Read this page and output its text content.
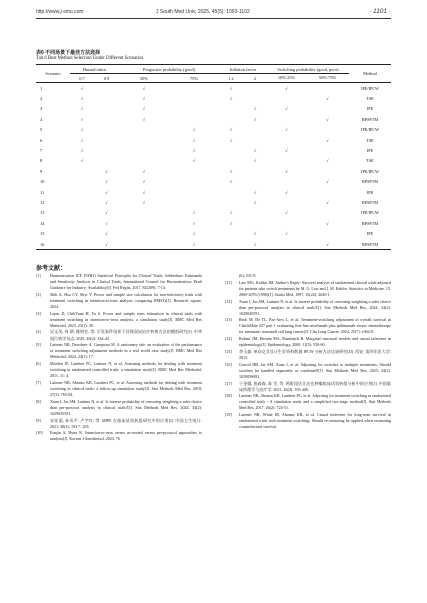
http://www.j-smu.com	J South Med Univ, 2025, 45(5): 1093-1102	· 1101 ·
表6 不同场景下最佳方法选择
Tab.6 Best Method Selection Under Different Scenarios
Scenario	Hazard ratios		Prognostic probability (good)		Inflation factor		Switching probability (good, poor)		Method
	0.7	0.9	50%	75%	1.2	2	10%∶25%	50%∶75%	
1	√		√		√		√		IPE/IPCW
2	√		√		√			√	TSE
3	√		√			√	√		IPE
4	√		√			√		√	RPSFTM
5	√			√	√		√		IPE/IPCW
6	√			√	√			√	TSE
7	√			√		√	√		IPE
8	√			√		√		√	TSE
9		√	√		√		√		IPE/IPCW
10		√	√		√			√	RPSFTM
11		√	√			√	√		IPE
12		√	√			√		√	RPSFTM
13		√		√	√		√		IPE/IPCW
14		√		√	√			√	RPSFTM
15		√		√		√	√		IPE
16		√		√		√		√	RPSFTM
参考文献：
[1] Harmonisation ICF. E9(R1) Statistical Principles for Clinical Trials: Addendum: Estimands and Sensitivity Analysis in Clinical Trials; International Council for Harmonisation; Draft Guidance for Industry; Availability[J]. Fed Regist, 2017, 82(209): 7-14.
[2] Shih A, Hsu CY, Shyr Y. Power and sample size calculation for non-inferiority trials with treatment switching in intention-to-treat analysis comparing RMSTs[J]. Research square, 2024.
[3] Lejun D, ChihYuan H, Yu S. Power and sample sizes estimation in clinical trials with treatment switching in intention-to-treat analysis: a simulation study[J]. BMC Med Res Methodol, 2023, 23(1): 49.
[4] 吴文凤, 何 朗, 姚明宏, 等. 罕见事件场景下处理双向治疗转换方法的模拟研究[J]. 中华流行病学杂志, 2025, 46(2): 334-44.
[5] Latimer NR, Dewdney A, Campioni M. A cautionary tale: an evaluation of the performance of treatment switching adjustment methods in a real world case study[J]. BMC Med Res Methodol, 2024, 24(1): 17.
[6] Morden JP, Lambert PC, Latimer N, et al. Assessing methods for dealing with treatment switching in randomised controlled trials: a simulation study[J]. BMC Med Res Methodol, 2011, 11: 4.
[7] Latimer NR, Abrams KR, Lambert PC, et al. Assessing methods for dealing with treatment switching in clinical trials: a follow-up simulation study[J]. Stat Methods Med Res, 2018, 27(3): 765-84.
[8] Xuan J, Jas SM, Latimer N, et al. Is inverse probability of censoring weighting a safer choice than per-protocol analysis in clinical trials?[J]. Stat Methods Med Res, 2024, 34(2): 1029045591.
[9] 宋佳丽, 孙凤平, 卢宇红, 等. MIPE 在临床试验转组研究中的应用[J]. 中国卫生统计, 2021, 38(2): 193-7, 203.
[10] Eunjin A, Hyun K. Intention-to-treat versus as-treated versus per-protocol approaches to analysis[J]. Korean J Anesthesiol, 2023, 76
(6): 531-9.
[11] Law MG, Kaldor JM. Author's Reply: Survival analysis of randomized clinical trials adjusted for patients who switch treatments by M. G. Law and J. M. Kaldor, Statistics in Medicine, 15, 2069-2076 (1996)[J]. Statist Med, 1997, 16(22): 2620-1.
[12] Xuan J, Jas SM, Latimer N, et al. Is inverse probability of censoring weighting a safer choice than per-protocol analysis in clinical trials?[J]. Stat Methods Med Res, 2024, 34(2): 1029045591.
[13] Reck M, De TL, Paz-Ares L, et al. Treatment-switching adjustment of overall survival in CheckMate 227 part 1 evaluating first-line nivolumab plus ipilimumab versus chemotherapy for metastatic nonsmall cell lung cancer[J]. Clin Lung Cancer, 2024, 25(7): e362-8.
[14] Robins JM, Hernán MA, Brumback B. Marginal structural models and causal inference in epidemiology[J]. Epidemiology, 2000, 11(5): 550-60.
[15] 李玉森. 单向交叉设计生存资料数据 IPCW 分析方法比较研究[D]. 西安: 第四军医大学, 2013.
[16] Gorrod HB, Jas SM, Xuan J, et al. Adjusting for switches to multiple treatments: Should switches be handled separately or combined?[J]. Stat Methods Med Res, 2025, 34(2): 1029056081.
[17] 于金娥, 倪森森, 陈 笠, 等. 两阶段估计法在肿瘤临床试验转组分析中的应用[J]. 中国临床药理学与治疗学, 2021, 26(4): 395-400.
[18] Latimer NR, Abrams KR, Lambert PC, et al. Adjusting for treatment switching in randomised controlled trials - A simulation study and a simplified two-stage method[J]. Stat Methods Med Res, 2017, 26(2): 724-51.
[19] Latimer NR, White IR, Abrams KR, et al. Causal inference for long-term survival in randomised trials with treatment switching: Should re-censoring be applied when estimating counterfactual survival
